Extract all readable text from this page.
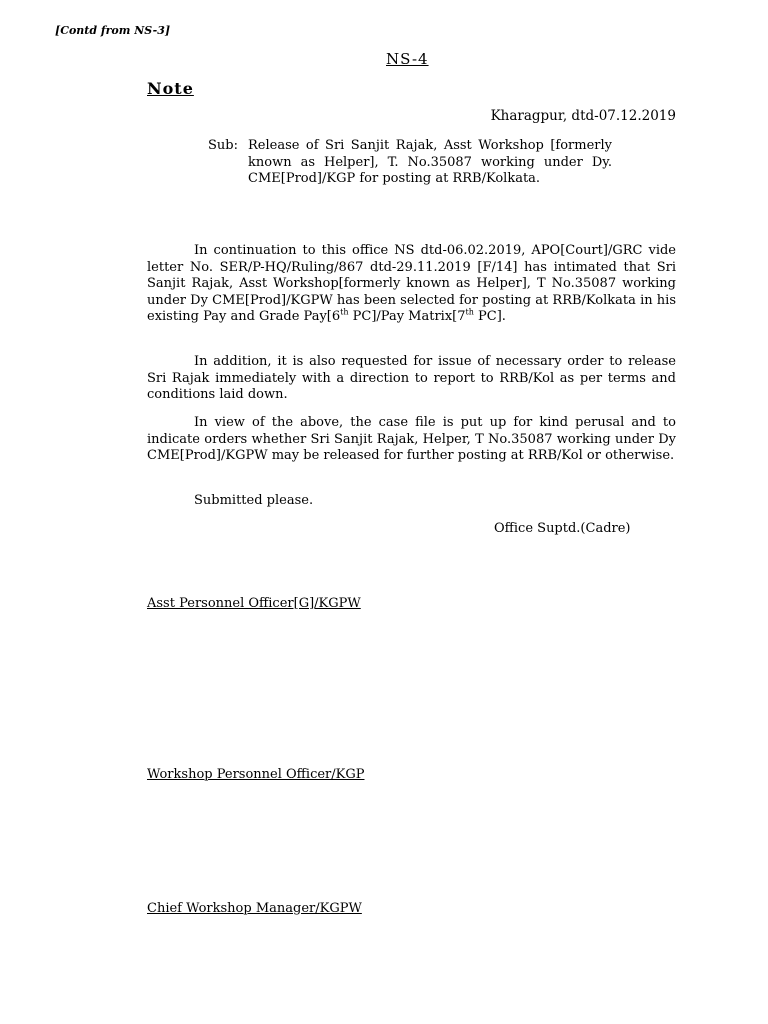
[Contd from NS-3]
NS-4
Note
Kharagpur, dtd-07.12.2019
Sub: Release of Sri Sanjit Rajak, Asst Workshop [formerly known as Helper], T. No.35087 working under Dy. CME[Prod]/KGP for posting at RRB/Kolkata.

In continuation to this office NS dtd-06.02.2019, APO[Court]/GRC vide letter No. SER/P-HQ/Ruling/867 dtd-29.11.2019 [F/14] has intimated that Sri Sanjit Rajak, Asst Workshop[formerly known as Helper], T No.35087 working under Dy CME[Prod]/KGPW has been selected for posting at RRB/Kolkata in his existing Pay and Grade Pay[6th PC]/Pay Matrix[7th PC].

In addition, it is also requested for issue of necessary order to release Sri Rajak immediately with a direction to report to RRB/Kol as per terms and conditions laid down.

In view of the above, the case file is put up for kind perusal and to indicate orders whether Sri Sanjit Rajak, Helper, T No.35087 working under Dy CME[Prod]/KGPW may be released for further posting at RRB/Kol or otherwise.

Submitted please.
Office Suptd.(Cadre)
Asst Personnel Officer[G]/KGPW
Workshop Personnel Officer/KGP
Chief Workshop Manager/KGPW
